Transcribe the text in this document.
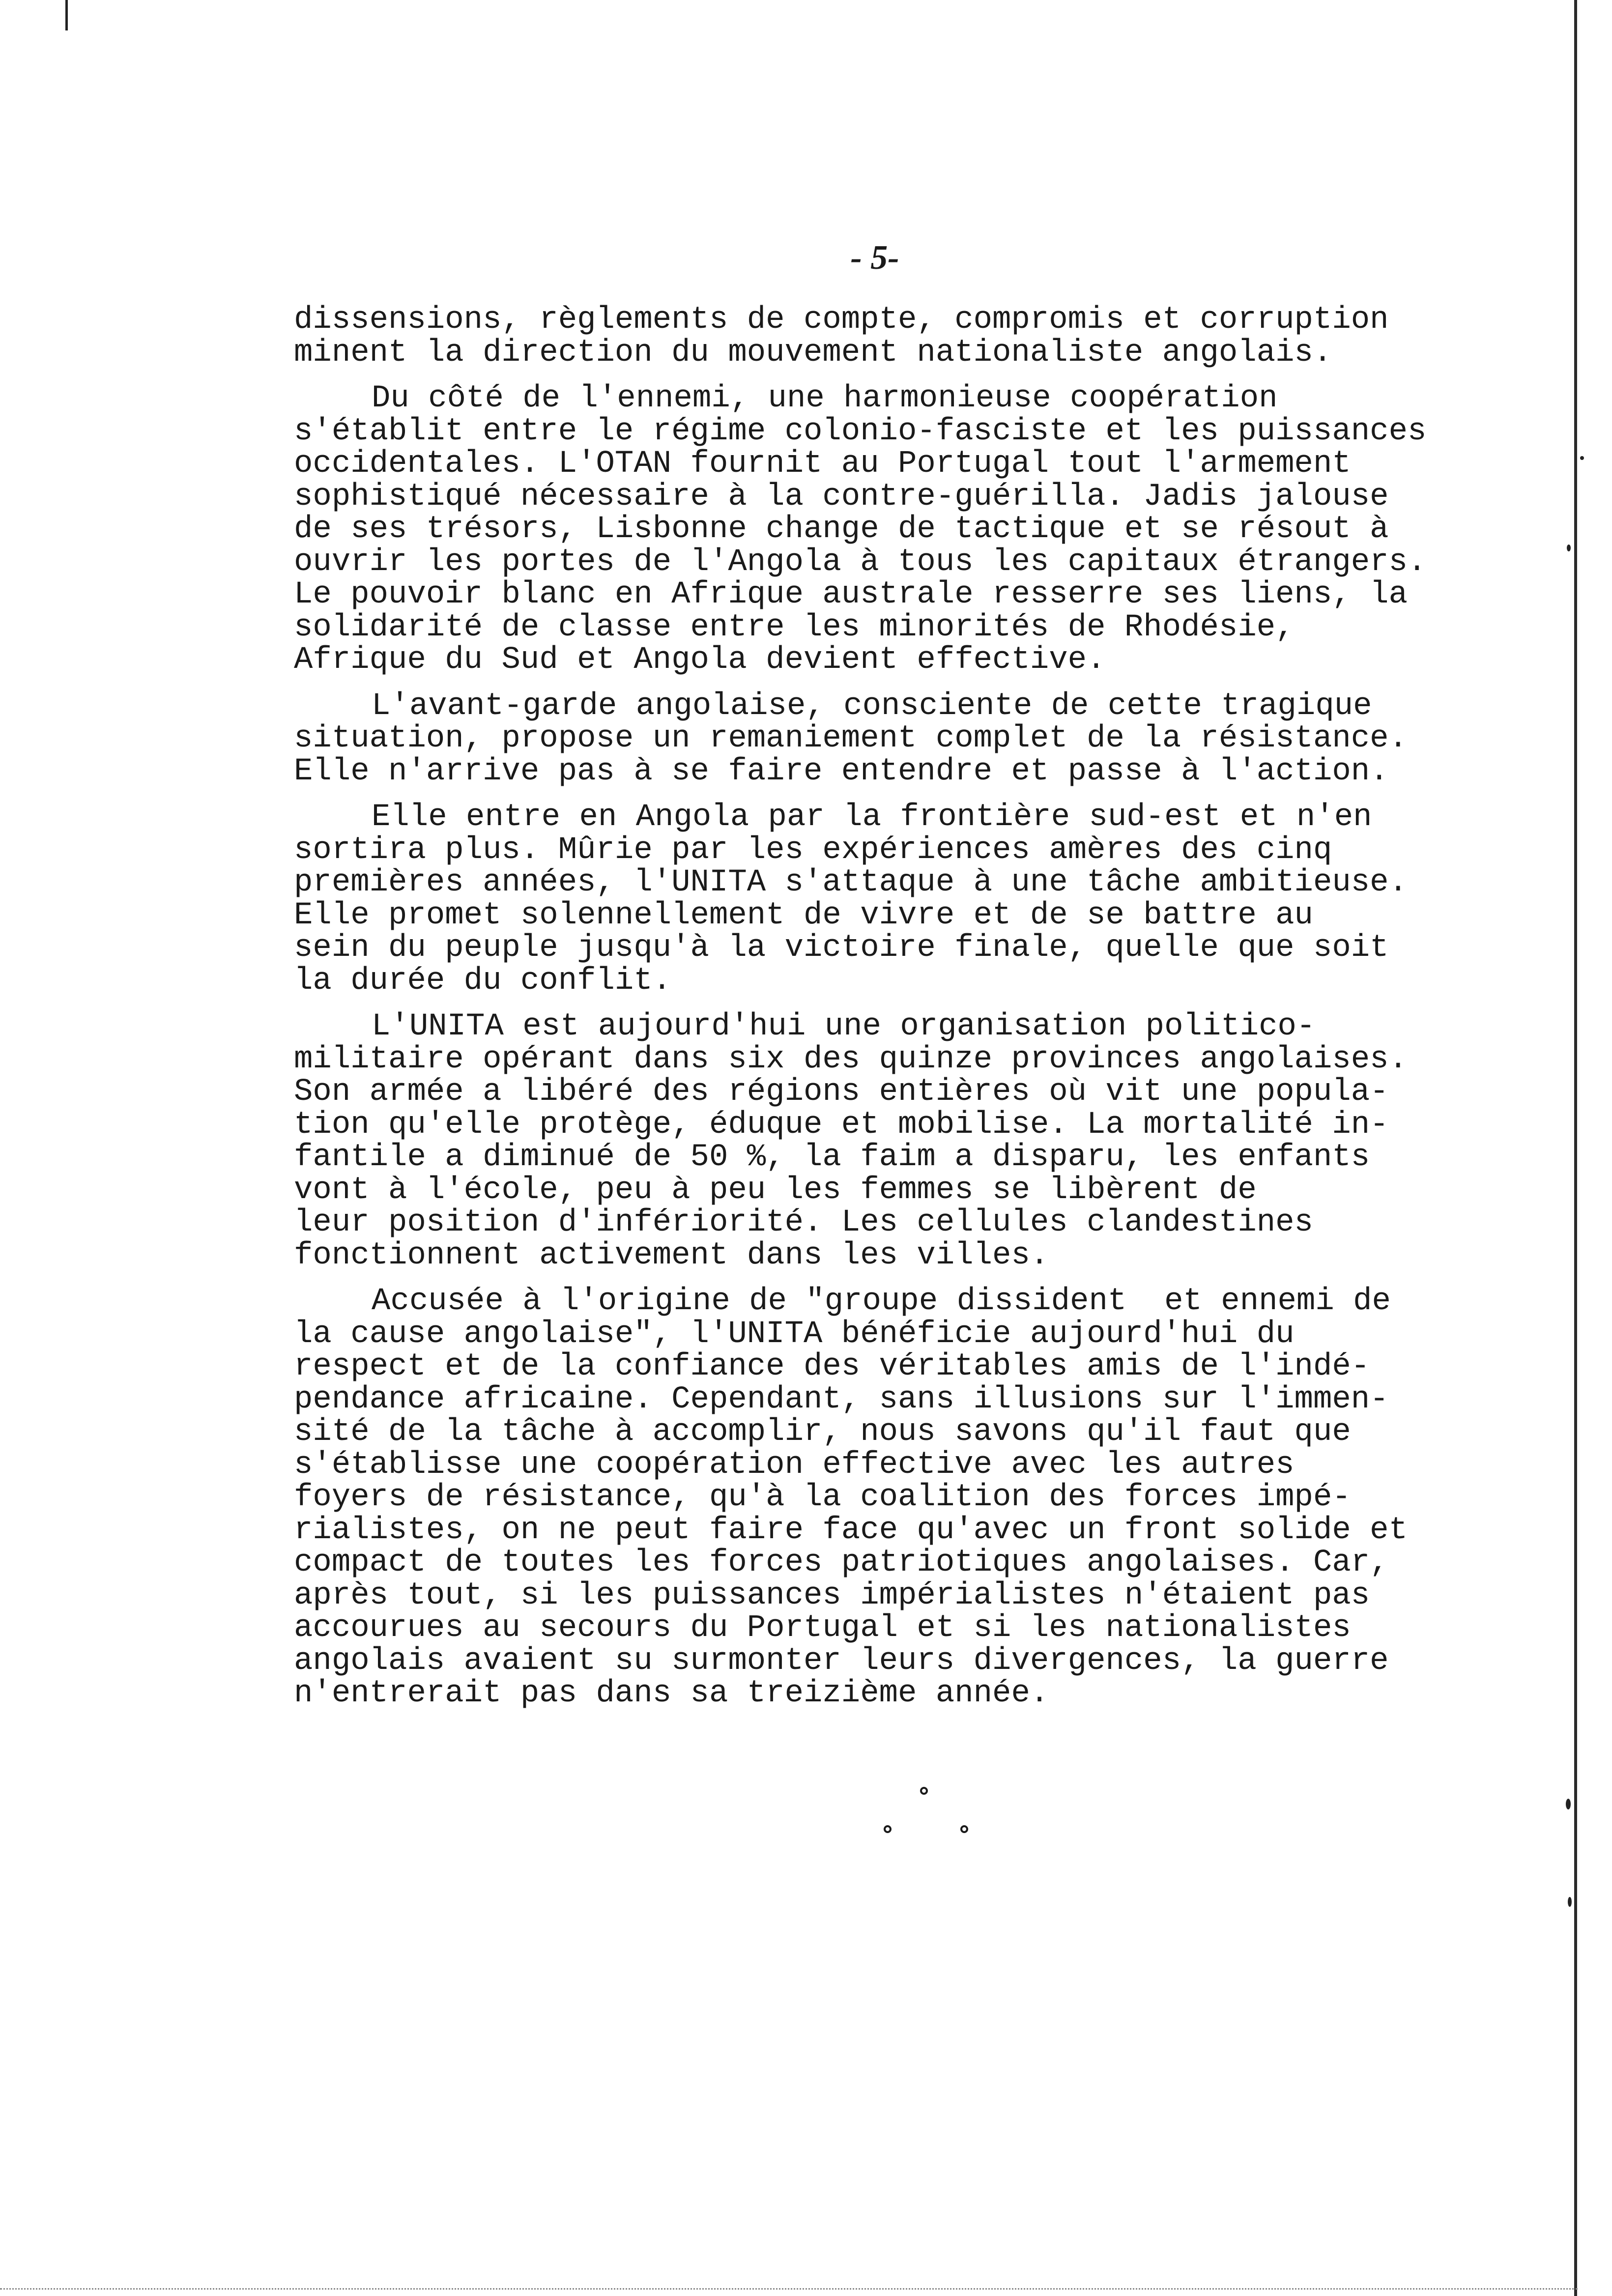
- 5-
dissensions, règlements de compte, compromis et corruption
minent la direction du mouvement nationaliste angolais.
Du côté de l'ennemi, une harmonieuse coopération
s'établit entre le régime colonio-fasciste et les puissances
occidentales. L'OTAN fournit au Portugal tout l'armement
sophistiqué nécessaire à la contre-guérilla. Jadis jalouse
de ses trésors, Lisbonne change de tactique et se résout à
ouvrir les portes de l'Angola à tous les capitaux étrangers.
Le pouvoir blanc en Afrique australe resserre ses liens, la
solidarité de classe entre les minorités de Rhodésie,
Afrique du Sud et Angola devient effective.
L'avant-garde angolaise, consciente de cette tragique
situation, propose un remaniement complet de la résistance.
Elle n'arrive pas à se faire entendre et passe à l'action.
Elle entre en Angola par la frontière sud-est et n'en
sortira plus. Mûrie par les expériences amères des cinq
premières années, l'UNITA s'attaque à une tâche ambitieuse.
Elle promet solennellement de vivre et de se battre au
sein du peuple jusqu'à la victoire finale, quelle que soit
la durée du conflit.
L'UNITA est aujourd'hui une organisation politico-
militaire opérant dans six des quinze provinces angolaises.
Son armée a libéré des régions entières où vit une popula-
tion qu'elle protège, éduque et mobilise. La mortalité in-
fantile a diminué de 50 %, la faim a disparu, les enfants
vont à l'école, peu à peu les femmes se libèrent de
leur position d'infériorité. Les cellules clandestines
fonctionnent activement dans les villes.
Accusée à l'origine de "groupe dissident  et ennemi de
la cause angolaise", l'UNITA bénéficie aujourd'hui du
respect et de la confiance des véritables amis de l'indé-
pendance africaine. Cependant, sans illusions sur l'immen-
sité de la tâche à accomplir, nous savons qu'il faut que
s'établisse une coopération effective avec les autres
foyers de résistance, qu'à la coalition des forces impé-
rialistes, on ne peut faire face qu'avec un front solide et
compact de toutes les forces patriotiques angolaises. Car,
après tout, si les puissances impérialistes n'étaient pas
accourues au secours du Portugal et si les nationalistes
angolais avaient su surmonter leurs divergences, la guerre
n'entrerait pas dans sa treizième année.
